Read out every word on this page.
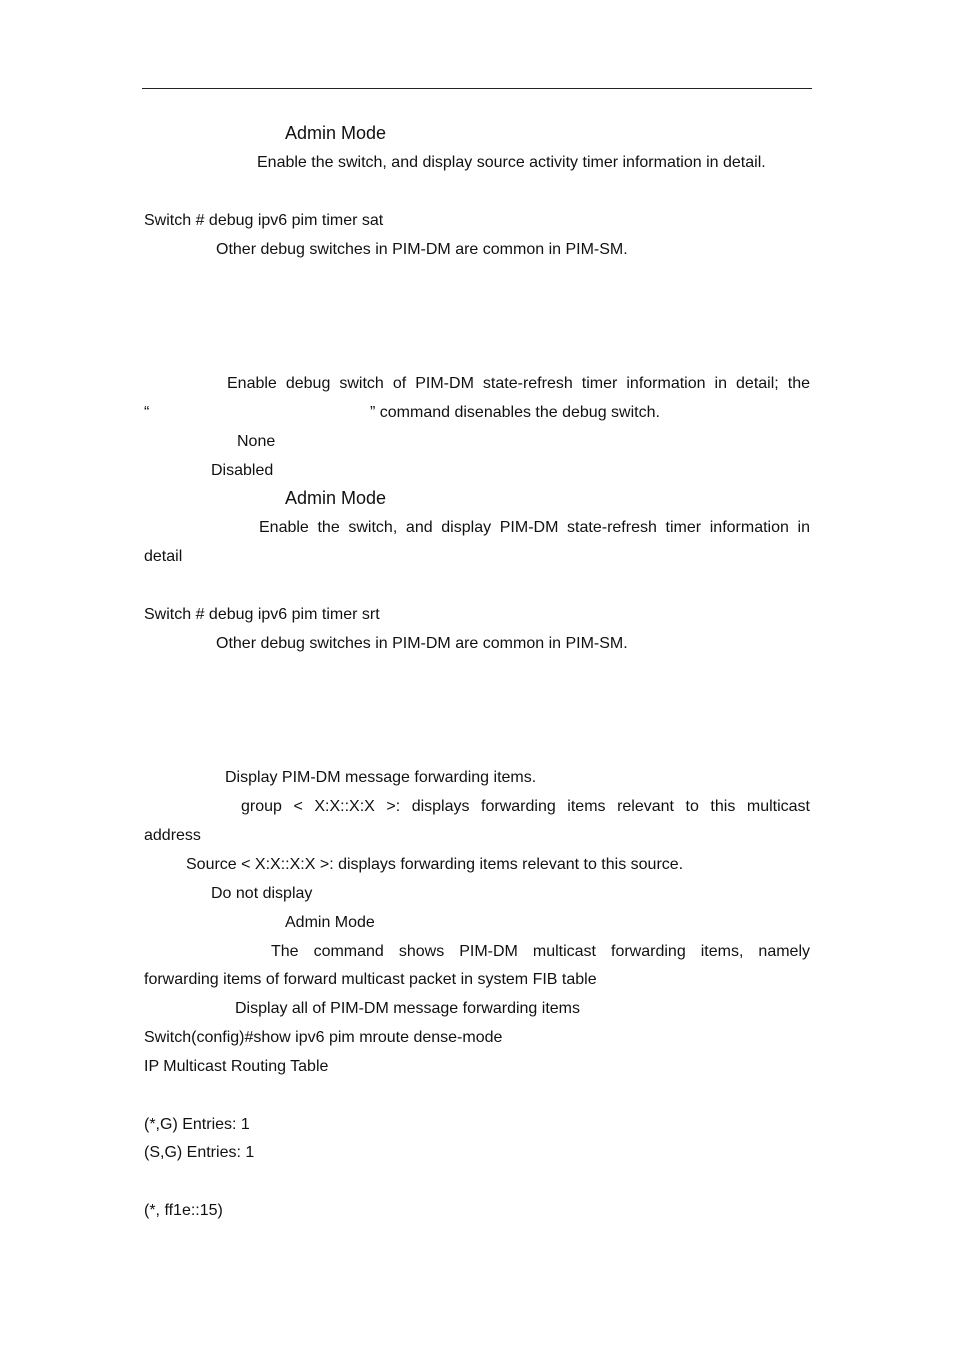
Admin Mode
Enable the switch, and display source activity timer information in detail.
Switch # debug ipv6 pim timer sat
Other debug switches in PIM-DM are common in PIM-SM.
Enable debug switch of PIM-DM state-refresh timer information in detail; the
“	” command disenables the debug switch.
None
Disabled
Admin Mode
Enable the switch, and display PIM-DM state-refresh timer information in
detail
Switch # debug ipv6 pim timer srt
Other debug switches in PIM-DM are common in PIM-SM.
Display PIM-DM message forwarding items.
group < X:X::X:X >: displays forwarding items relevant to this multicast
address
Source < X:X::X:X >: displays forwarding items relevant to this source.
Do not display
Admin Mode
The command shows PIM-DM multicast forwarding items, namely
forwarding items of forward multicast packet in system FIB table
Display all of PIM-DM message forwarding items
Switch(config)#show ipv6 pim mroute dense-mode
IP Multicast Routing Table
(*,G) Entries: 1
(S,G) Entries: 1
(*, ff1e::15)
